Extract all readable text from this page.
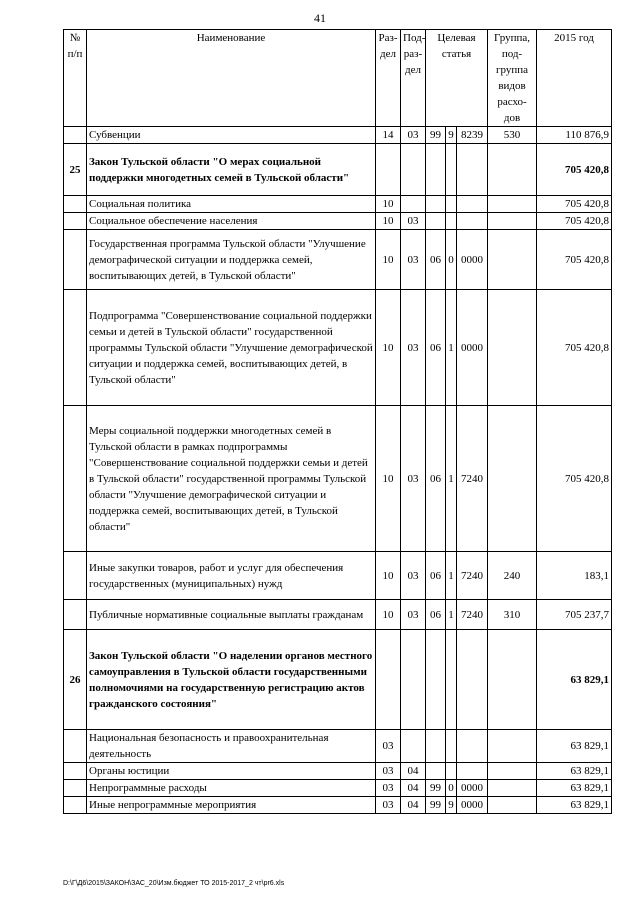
41
№ п/п	Наименование	Раз-дел	Под-раз-дел	Целевая статья			Группа, под-группа видов расхо-дов	2015 год
	Субвенции	14	03	99	9	8239	530	110 876,9
25	Закон Тульской области "О мерах социальной поддержки многодетных семей в Тульской области"							705 420,8
	Социальная политика	10						705 420,8
	Социальное обеспечение населения	10	03					705 420,8
	Государственная программа Тульской области "Улучшение демографической ситуации и поддержка семей, воспитывающих детей, в Тульской области"	10	03	06	0	0000		705 420,8
	Подпрограмма "Совершенствование социальной поддержки семьи и детей в Тульской области" государственной программы Тульской области "Улучшение демографической ситуации и поддержка семей, воспитывающих детей, в Тульской области"	10	03	06	1	0000		705 420,8
	Меры социальной поддержки многодетных семей в Тульской области в рамках подпрограммы "Совершенствование социальной поддержки семьи и детей в Тульской области" государственной программы Тульской области "Улучшение демографической ситуации и поддержка семей, воспитывающих детей, в Тульской области"	10	03	06	1	7240		705 420,8
	Иные закупки товаров, работ и услуг для обеспечения государственных (муниципальных) нужд	10	03	06	1	7240	240	183,1
	Публичные нормативные социальные выплаты гражданам	10	03	06	1	7240	310	705 237,7
26	Закон Тульской области "О наделении органов местного самоуправления в Тульской области государственными полномочиями на государственную регистрацию актов гражданского состояния"							63 829,1
	Национальная безопасность и правоохранительная деятельность	03						63 829,1
	Органы юстиции	03	04					63 829,1
	Непрограммные расходы	03	04	99	0	0000		63 829,1
	Иные непрограммные мероприятия	03	04	99	9	0000		63 829,1
D:\Г\Д6\2015\ЗАКОН\ЗАС_20\Изм.бюджет ТО 2015-2017_2 чт\pr6.xls
